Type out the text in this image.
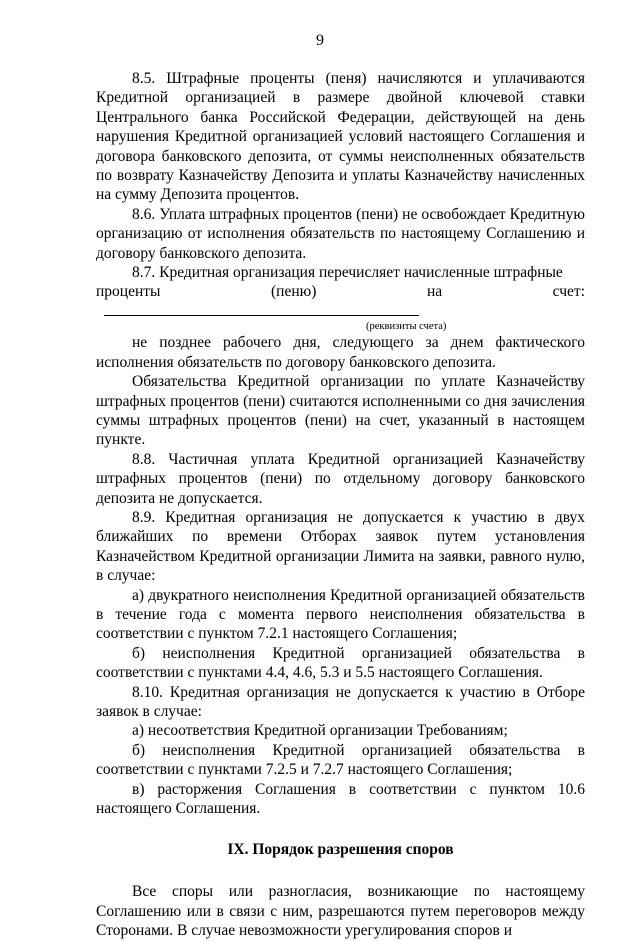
9

8.5. Штрафные проценты (пеня) начисляются и уплачиваются Кредитной организацией в размере двойной ключевой ставки Центрального банка Российской Федерации, действующей на день нарушения Кредитной организацией условий настоящего Соглашения и договора банковского депозита, от суммы неисполненных обязательств по возврату Казначейству Депозита и уплаты Казначейству начисленных на сумму Депозита процентов.

8.6. Уплата штрафных процентов (пени) не освобождает Кредитную организацию от исполнения обязательств по настоящему Соглашению и договору банковского депозита.

8.7. Кредитная организация перечисляет начисленные штрафные

проценты (пеню) на счет:

(реквизиты счета)

не позднее рабочего дня, следующего за днем фактического исполнения обязательств по договору банковского депозита.

Обязательства Кредитной организации по уплате Казначейству штрафных процентов (пени) считаются исполненными со дня зачисления суммы штрафных процентов (пени) на счет, указанный в настоящем пункте.

8.8. Частичная уплата Кредитной организацией Казначейству штрафных процентов (пени) по отдельному договору банковского депозита не допускается.

8.9. Кредитная организация не допускается к участию в двух ближайших по времени Отборах заявок путем установления Казначейством Кредитной организации Лимита на заявки, равного нулю, в случае:

а) двукратного неисполнения Кредитной организацией обязательств в течение года с момента первого неисполнения обязательства в соответствии с пунктом 7.2.1 настоящего Соглашения;

б) неисполнения Кредитной организацией обязательства в соответствии с пунктами 4.4, 4.6, 5.3 и 5.5 настоящего Соглашения.

8.10. Кредитная организация не допускается к участию в Отборе заявок в случае:

а) несоответствия Кредитной организации Требованиям;

б) неисполнения Кредитной организацией обязательства в соответствии с пунктами 7.2.5 и 7.2.7 настоящего Соглашения;

в) расторжения Соглашения в соответствии с пунктом 10.6 настоящего Соглашения.

IX. Порядок разрешения споров

Все споры или разногласия, возникающие по настоящему Соглашению или в связи с ним, разрешаются путем переговоров между Сторонами. В случае невозможности урегулирования споров и
